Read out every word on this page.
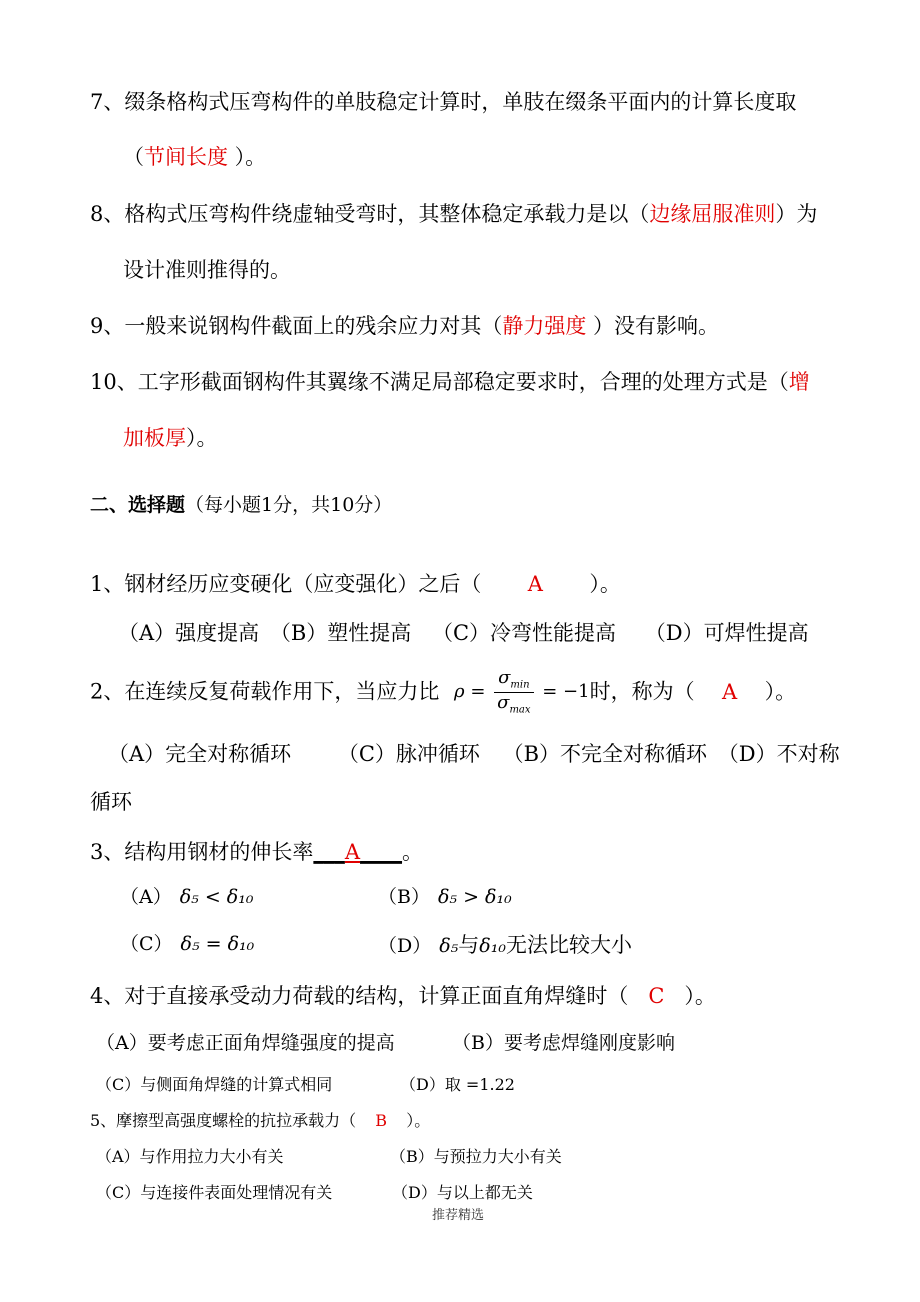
7、缀条格构式压弯构件的单肢稳定计算时，单肢在缀条平面内的计算长度取
（节间长度 ）。
8、格构式压弯构件绕虚轴受弯时，其整体稳定承载力是以（边缘屈服准则）为
设计准则推得的。
9、一般来说钢构件截面上的残余应力对其（静力强度 ）没有影响。
10、工字形截面钢构件其翼缘不满足局部稳定要求时，合理的处理方式是（增
加板厚）。
二、选择题（每小题1分，共10分）
1、钢材经历应变硬化（应变强化）之后（ A ）。
（A）强度提高 （B）塑性提高 （C）冷弯性能提高 （D）可焊性提高
2、在连续反复荷载作用下，当应力比 $\rho = \frac{\sigma_{min}}{\sigma_{max}} = -1$时，称为（ A ）。
（A）完全对称循环 （C）脉冲循环 （B）不完全对称循环 （D）不对称
循环
3、结构用钢材的伸长率___A____。
（A） δ₅ < δ₁₀	（B） δ₅ > δ₁₀
（C） δ₅ = δ₁₀	（D） δ₅与δ₁₀无法比较大小
4、对于直接承受动力荷载的结构，计算正面直角焊缝时（ C ）。
（A）要考虑正面角焊缝强度的提高	（B）要考虑焊缝刚度影响
（C）与侧面角焊缝的计算式相同	（D）取 =1.22
5、摩擦型高强度螺栓的抗拉承载力（ B ）。
（A）与作用拉力大小有关	（B）与预拉力大小有关
（C）与连接件表面处理情况有关	（D）与以上都无关
推荐精选
